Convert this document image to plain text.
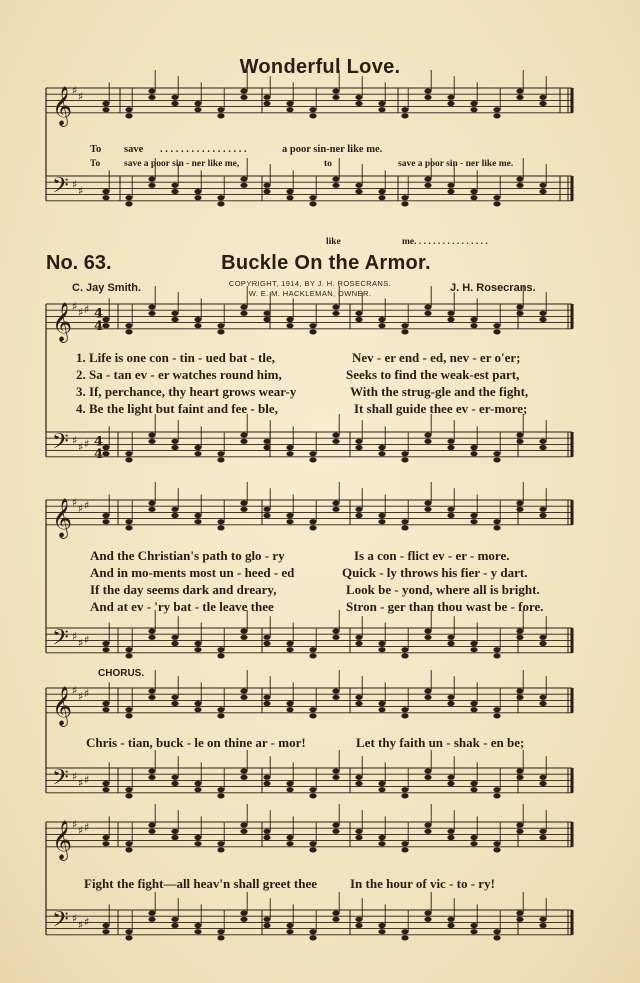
𝄞 ♯ ♯
𝄢 ♯ ♯
𝄞 ♯ ♯ ♯
𝄢 ♯ ♯ ♯
𝄞 ♯ ♯ ♯
𝄢 ♯ ♯ ♯
𝄞 ♯ ♯ ♯
𝄢 ♯ ♯ ♯
𝄞 ♯ ♯ ♯
𝄢 ♯ ♯ ♯
4
4
4
4
Wonderful Love.
To save . . . . . . . . . . . . . . . . .	a poor sin-ner like me.
To	save a poor sin - ner like me,	to	save a poor sin - ner like me.
like	me. . . . . . . . . . . . . . . .
No. 63.	Buckle On the Armor.
C. Jay Smith.	COPYRIGHT, 1914, BY J. H. ROSECRANS.
W. E. M. HACKLEMAN, OWNER.	J. H. Rosecrans.
1. Life is one con - tin - ued bat - tle,	Nev - er end - ed, nev - er o'er;
2. Sa - tan ev - er watches round him,	Seeks to find the weak-est part,
3. If, perchance, thy heart grows wear-y	With the strug-gle and the fight,
4. Be the light but faint and fee - ble,	It shall guide thee ev - er-more;
And the Christian's path to glo - ry	Is a con - flict ev - er - more.
And in mo-ments most un - heed - ed	Quick - ly throws his fier - y dart.
If the day seems dark and dreary,	Look be - yond, where all is bright.
And at ev - 'ry bat - tle leave thee	Stron - ger than thou wast be - fore.
CHORUS.
Chris - tian, buck - le on thine ar - mor!	Let thy faith un - shak - en be;
Fight the fight—all heav'n shall greet thee	In the hour of vic - to - ry!
